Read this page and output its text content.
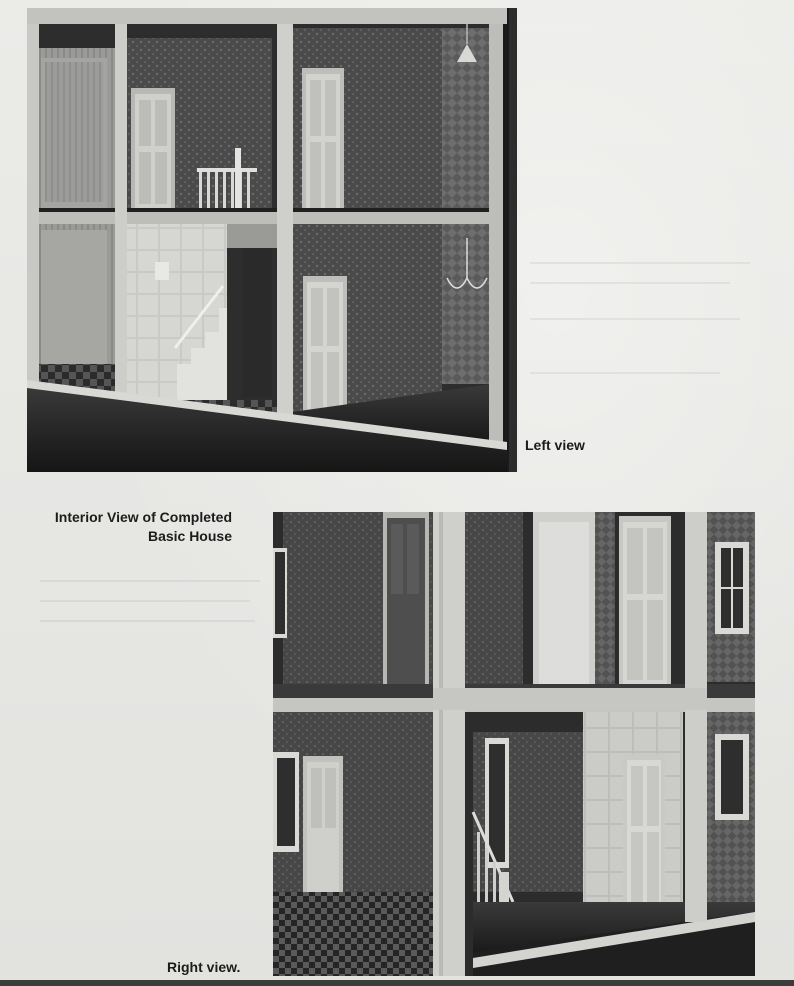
Left view
Interior View of Completed
Basic House
Right view.
